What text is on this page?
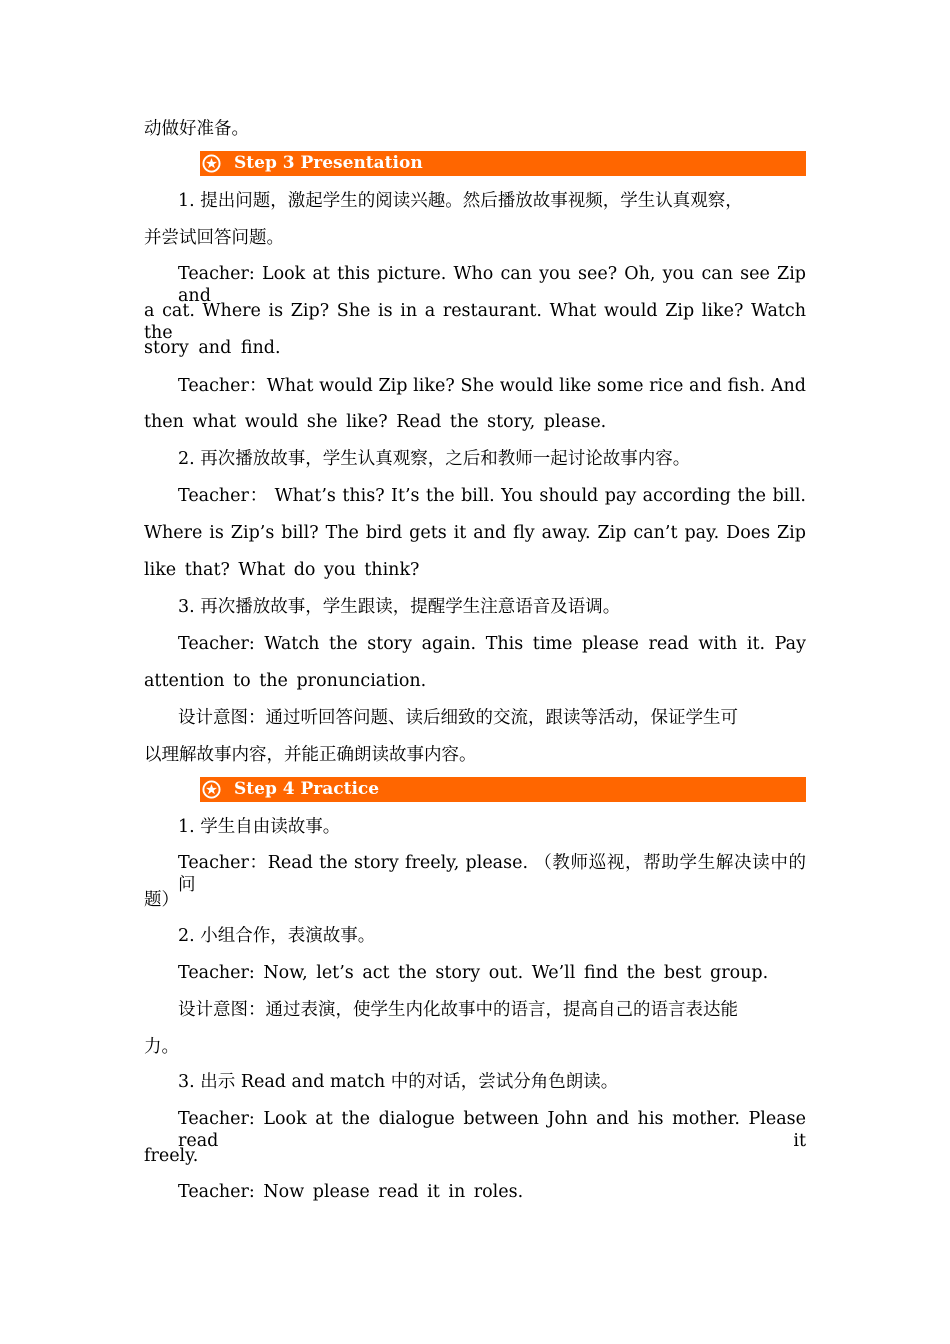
动做好准备。
Step 3 Presentation
1. 提出问题，激起学生的阅读兴趣。然后播放故事视频，学生认真观察，
并尝试回答问题。
Teacher: Look at this picture. Who can you see? Oh, you can see Zip and
a cat. Where is Zip? She is in a restaurant. What would Zip like? Watch the
story and find.
Teacher：What would Zip like? She would like some rice and fish. And
then what would she like? Read the story, please.
2. 再次播放故事，学生认真观察，之后和教师一起讨论故事内容。
Teacher： What’s this? It’s the bill. You should pay according the bill.
Where is Zip’s bill? The bird gets it and fly away. Zip can’t pay. Does Zip
like that? What do you think?
3. 再次播放故事，学生跟读，提醒学生注意语音及语调。
Teacher: Watch the story again. This time please read with it. Pay
attention to the pronunciation.
设计意图：通过听回答问题、读后细致的交流，跟读等活动，保证学生可
以理解故事内容，并能正确朗读故事内容。
Step 4 Practice
1. 学生自由读故事。
Teacher：Read the story freely, please. （教师巡视，帮助学生解决读中的问
题）
2. 小组合作，表演故事。
Teacher: Now, let’s act the story out. We’ll find the best group.
设计意图：通过表演，使学生内化故事中的语言，提高自己的语言表达能
力。
3. 出示 Read and match 中的对话，尝试分角色朗读。
Teacher: Look at the dialogue between John and his mother. Please read it
freely.
Teacher: Now please read it in roles.
